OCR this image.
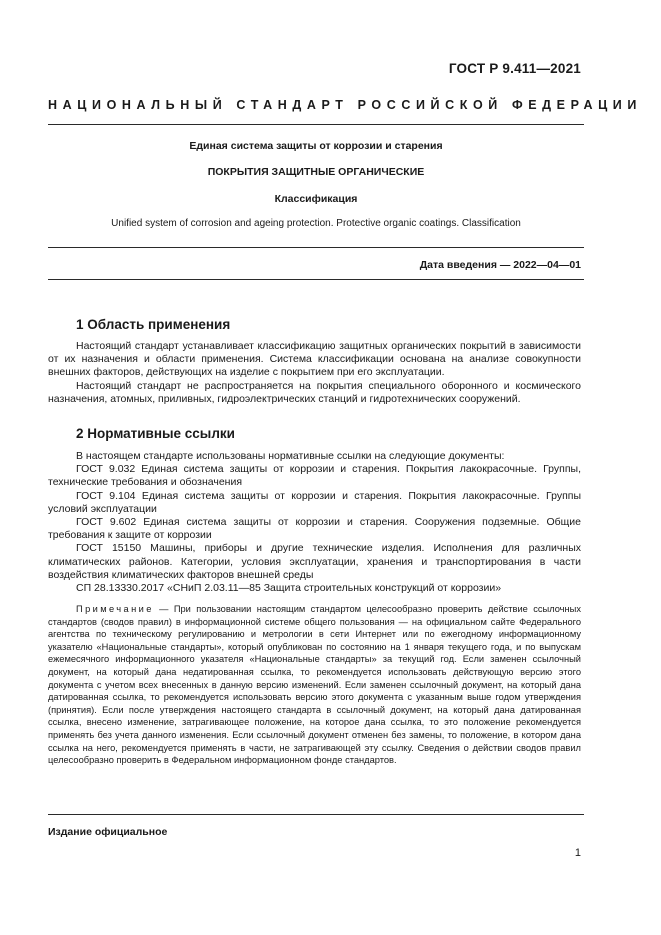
ГОСТ Р 9.411—2021
НАЦИОНАЛЬНЫЙ СТАНДАРТ РОССИЙСКОЙ ФЕДЕРАЦИИ
Единая система защиты от коррозии и старения
ПОКРЫТИЯ ЗАЩИТНЫЕ ОРГАНИЧЕСКИЕ
Классификация
Unified system of corrosion and ageing protection. Protective organic coatings. Classification
Дата введения — 2022—04—01
1 Область применения

Настоящий стандарт устанавливает классификацию защитных органических покрытий в зависимости от их назначения и области применения. Система классификации основана на анализе совокупности внешних факторов, действующих на изделие с покрытием при его эксплуатации.

Настоящий стандарт не распространяется на покрытия специального оборонного и космического назначения, атомных, приливных, гидроэлектрических станций и гидротехнических сооружений.

2 Нормативные ссылки

В настоящем стандарте использованы нормативные ссылки на следующие документы:

ГОСТ 9.032 Единая система защиты от коррозии и старения. Покрытия лакокрасочные. Группы, технические требования и обозначения

ГОСТ 9.104 Единая система защиты от коррозии и старения. Покрытия лакокрасочные. Группы условий эксплуатации

ГОСТ 9.602 Единая система защиты от коррозии и старения. Сооружения подземные. Общие требования к защите от коррозии

ГОСТ 15150 Машины, приборы и другие технические изделия. Исполнения для различных климатических районов. Категории, условия эксплуатации, хранения и транспортирования в части воздействия климатических факторов внешней среды

СП 28.13330.2017 «СНиП 2.03.11—85 Защита строительных конструкций от коррозии»

Примечание — При пользовании настоящим стандартом целесообразно проверить действие ссылочных стандартов (сводов правил) в информационной системе общего пользования — на официальном сайте Федерального агентства по техническому регулированию и метрологии в сети Интернет или по ежегодному информационному указателю «Национальные стандарты», который опубликован по состоянию на 1 января текущего года, и по выпускам ежемесячного информационного указателя «Национальные стандарты» за текущий год. Если заменен ссылочный документ, на который дана недатированная ссылка, то рекомендуется использовать действующую версию этого документа с учетом всех внесенных в данную версию изменений. Если заменен ссылочный документ, на который дана датированная ссылка, то рекомендуется использовать версию этого документа с указанным выше годом утверждения (принятия). Если после утверждения настоящего стандарта в ссылочный документ, на который дана датированная ссылка, внесено изменение, затрагивающее положение, на которое дана ссылка, то это положение рекомендуется применять без учета данного изменения. Если ссылочный документ отменен без замены, то положение, в котором дана ссылка на него, рекомендуется применять в части, не затрагивающей эту ссылку. Сведения о действии сводов правил целесообразно проверить в Федеральном информационном фонде стандартов.
Издание официальное
1
